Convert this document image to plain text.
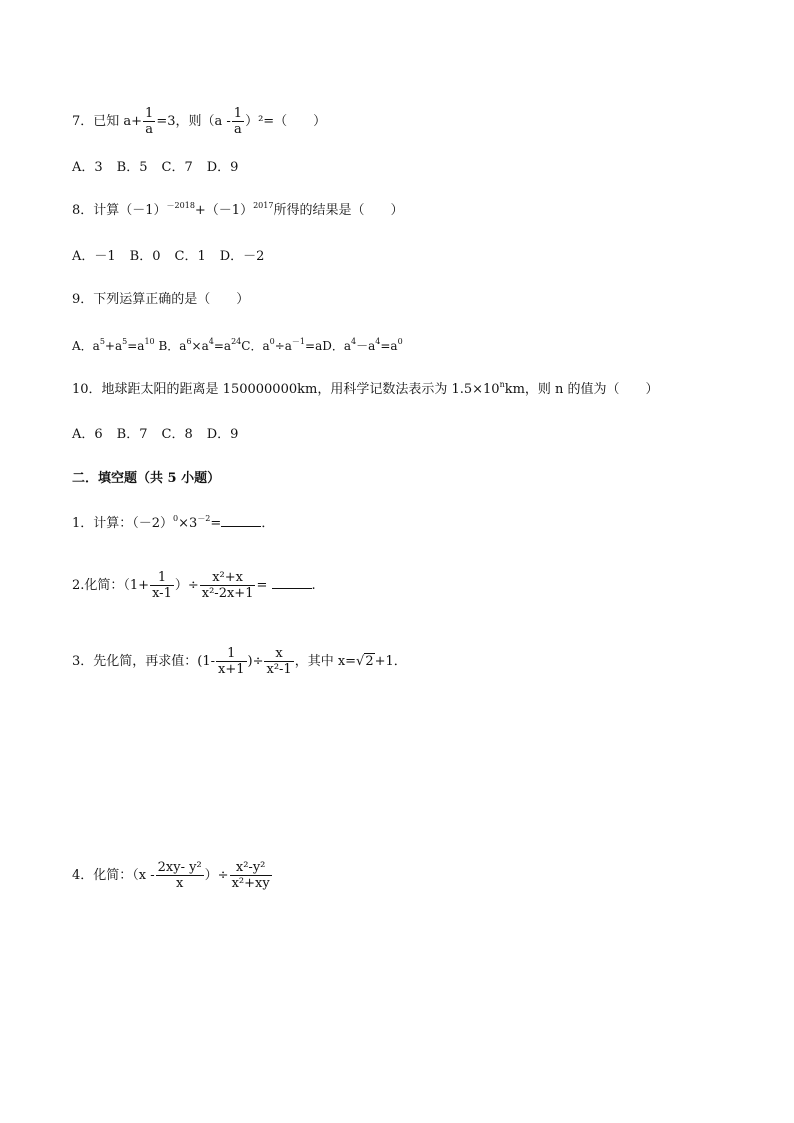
7．已知 $a+ \frac{1}{a} =3$，则$(a - \frac{1}{a} )^2=$（　　）
A．3 B．5 C．7 D．9
8．计算$(-1)^{-2018}+(-1)^{2017}$所得的结果是（　　）
A．－1 B．0 C．1 D．－2
9．下列运算正确的是（　　）
A．$a^5+a^5=a^{10}$ B．$a^6\times a^4=a^{24}C$．$a^0\div a^{-1}=aD$．$a^4-a^4=a^0$
10．地球距太阳的距离是 150000000km，用科学记数法表示为 $1.5\times 10^nkm$，则 n 的值为（　　）
A．6 B．7 C．8 D．9
二．填空题（共 5 小题）
1．计算：$(-2)^0\times 3^{-2}=$	．
2.化简：（$1+ \frac{1}{x-1}$ ）÷ $\frac{\text{x²+x}}{\text{x²-2x+1}}$ =	.
3．先化简，再求值：($1- \frac{1}{x+1}$ )÷ $\frac{x}{\text{x²-1}}$ ，其中 x=√2+1．
4．化简：（$x - \frac{\text{2xy- y²}}{x}$ ）÷ $\frac{\text{x²-y²}}{\text{x²+xy}}$
